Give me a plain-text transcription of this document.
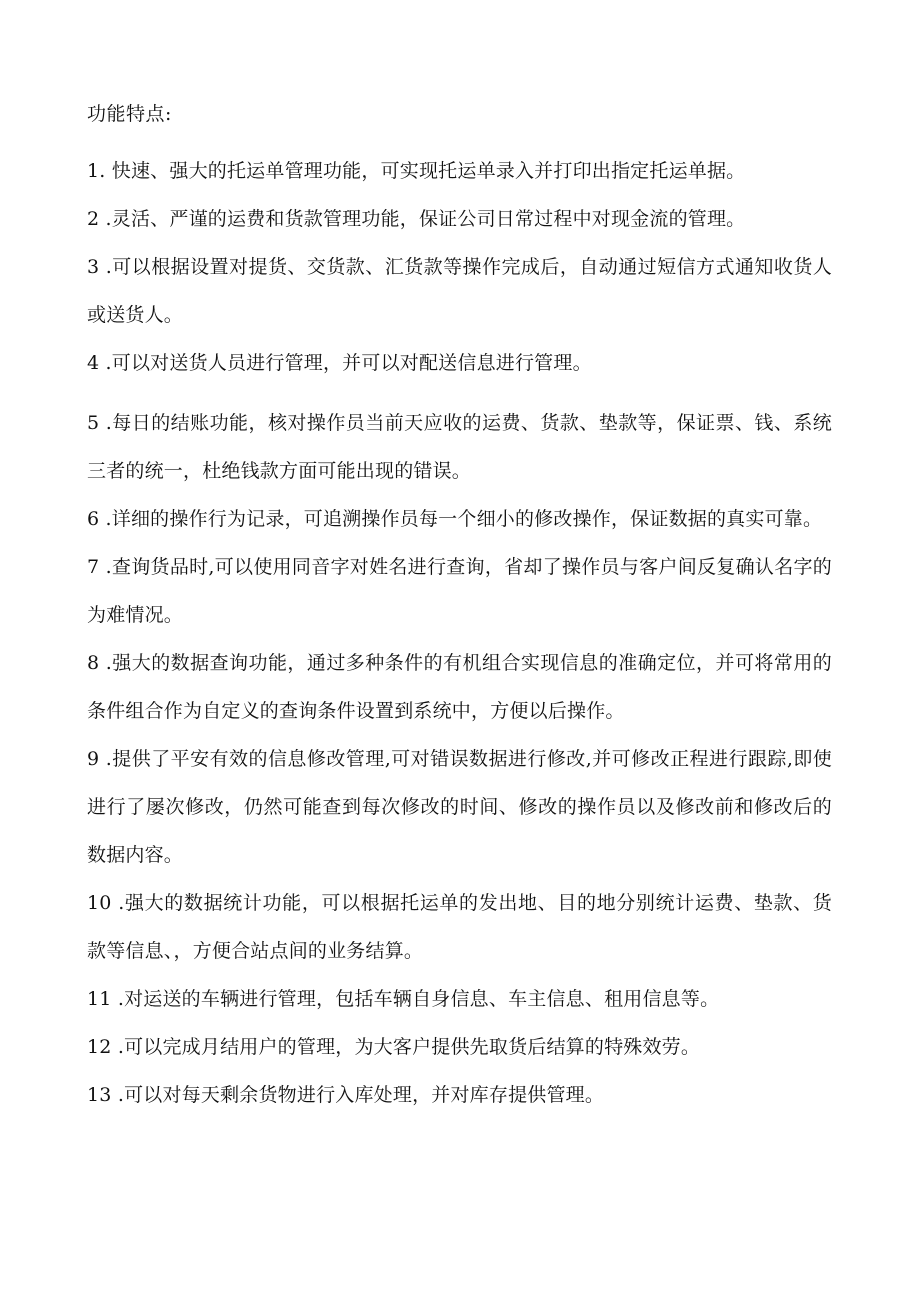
功能特点:

1. 快速、强大的托运单管理功能，可实现托运单录入并打印出指定托运单据。

2 .灵活、严谨的运费和货款管理功能，保证公司日常过程中对现金流的管理。

3 .可以根据设置对提货、交货款、汇货款等操作完成后，自动通过短信方式通知收货人或送货人。

4 .可以对送货人员进行管理，并可以对配送信息进行管理。

5 .每日的结账功能，核对操作员当前天应收的运费、货款、垫款等，保证票、钱、系统三者的统一，杜绝钱款方面可能出现的错误。

6 .详细的操作行为记录，可追溯操作员每一个细小的修改操作，保证数据的真实可靠。

7 .查询货品时,可以使用同音字对姓名进行查询，省却了操作员与客户间反复确认名字的为难情况。

8 .强大的数据查询功能，通过多种条件的有机组合实现信息的准确定位，并可将常用的条件组合作为自定义的查询条件设置到系统中，方便以后操作。

9 .提供了平安有效的信息修改管理,可对错误数据进行修改,并可修改正程进行跟踪,即使进行了屡次修改，仍然可能查到每次修改的时间、修改的操作员以及修改前和修改后的数据内容。

10 .强大的数据统计功能，可以根据托运单的发出地、目的地分别统计运费、垫款、货款等信息、，方便合站点间的业务结算。

11 .对运送的车辆进行管理，包括车辆自身信息、车主信息、租用信息等。

12 .可以完成月结用户的管理，为大客户提供先取货后结算的特殊效劳。

13 .可以对每天剩余货物进行入库处理，并对库存提供管理。
